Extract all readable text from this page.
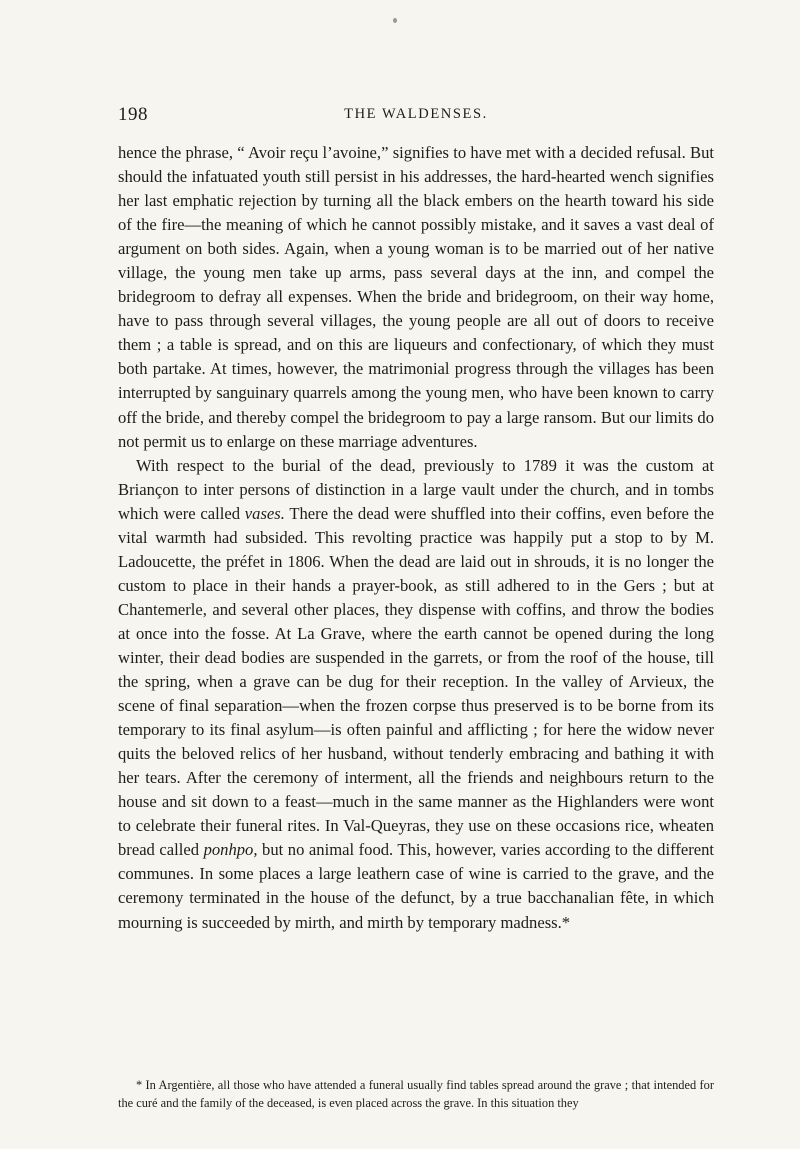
198	THE WALDENSES.

hence the phrase, “ Avoir reçu l’avoine,” signifies to have met with a decided refusal. But should the infatuated youth still persist in his addresses, the hard-hearted wench signifies her last emphatic rejection by turning all the black embers on the hearth toward his side of the fire—the meaning of which he cannot possibly mistake, and it saves a vast deal of argument on both sides. Again, when a young woman is to be married out of her native village, the young men take up arms, pass several days at the inn, and compel the bridegroom to defray all expenses. When the bride and bridegroom, on their way home, have to pass through several villages, the young people are all out of doors to receive them ; a table is spread, and on this are liqueurs and confectionary, of which they must both partake. At times, however, the matrimonial progress through the villages has been interrupted by sanguinary quarrels among the young men, who have been known to carry off the bride, and thereby compel the bridegroom to pay a large ransom. But our limits do not permit us to enlarge on these marriage adventures.

With respect to the burial of the dead, previously to 1789 it was the custom at Briançon to inter persons of distinction in a large vault under the church, and in tombs which were called vases. There the dead were shuffled into their coffins, even before the vital warmth had subsided. This revolting practice was happily put a stop to by M. Ladoucette, the préfet in 1806. When the dead are laid out in shrouds, it is no longer the custom to place in their hands a prayer-book, as still adhered to in the Gers ; but at Chantemerle, and several other places, they dispense with coffins, and throw the bodies at once into the fosse. At La Grave, where the earth cannot be opened during the long winter, their dead bodies are suspended in the garrets, or from the roof of the house, till the spring, when a grave can be dug for their reception. In the valley of Arvieux, the scene of final separation—when the frozen corpse thus preserved is to be borne from its temporary to its final asylum—is often painful and afflicting ; for here the widow never quits the beloved relics of her husband, without tenderly embracing and bathing it with her tears. After the ceremony of interment, all the friends and neighbours return to the house and sit down to a feast—much in the same manner as the Highlanders were wont to celebrate their funeral rites. In Val-Queyras, they use on these occasions rice, wheaten bread called ponhpo, but no animal food. This, however, varies according to the different communes. In some places a large leathern case of wine is carried to the grave, and the ceremony terminated in the house of the defunct, by a true bacchanalian fête, in which mourning is succeeded by mirth, and mirth by temporary madness.*

* In Argentière, all those who have attended a funeral usually find tables spread around the grave ; that intended for the curé and the family of the deceased, is even placed across the grave. In this situation they
